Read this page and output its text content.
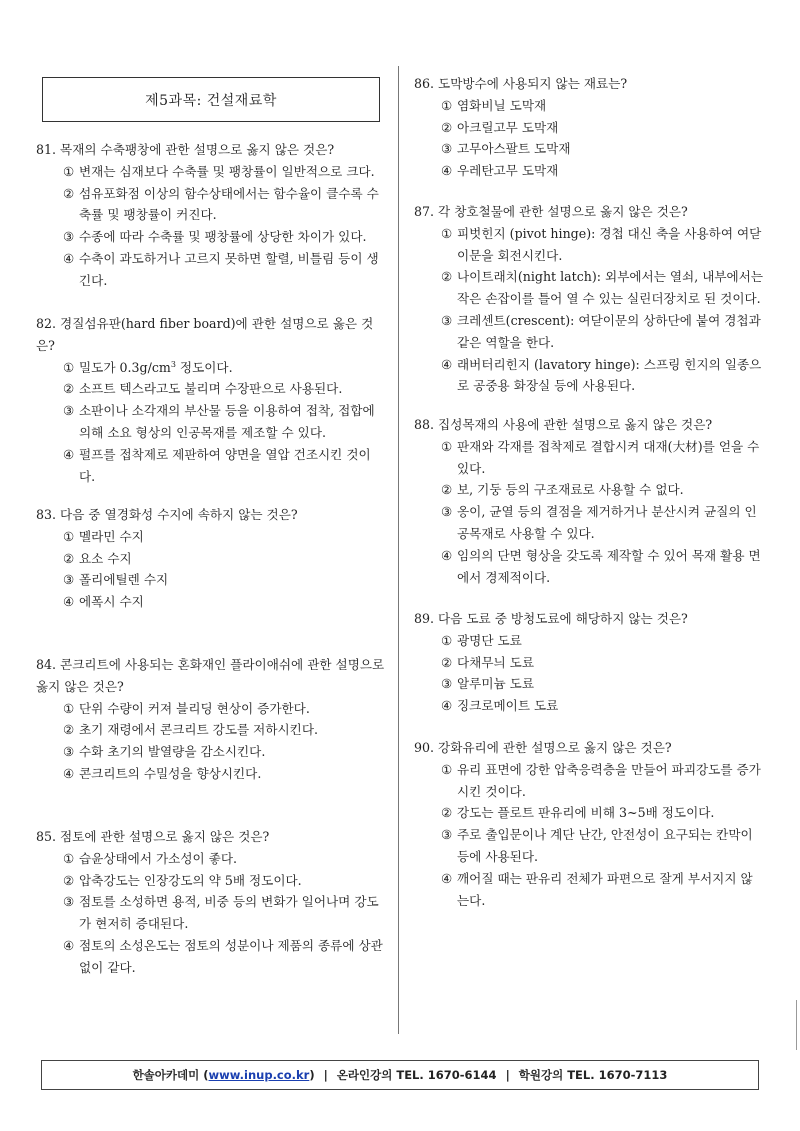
제5과목: 건설재료학
81. 목재의 수축팽창에 관한 설명으로 옳지 않은 것은?
① 변재는 심재보다 수축률 및 팽창률이 일반적으로 크다.
② 섬유포화점 이상의 함수상태에서는 함수율이 클수록 수축률 및 팽창률이 커진다.
③ 수종에 따라 수축률 및 팽창률에 상당한 차이가 있다.
④ 수축이 과도하거나 고르지 못하면 할렬, 비틀림 등이 생긴다.
82. 경질섬유판(hard fiber board)에 관한 설명으로 옳은 것은?
① 밀도가 $0.3g/cm^3$ 정도이다.
② 소프트 텍스라고도 불리며 수장판으로 사용된다.
③ 소판이나 소각재의 부산물 등을 이용하여 접착, 접합에 의해 소요 형상의 인공목재를 제조할 수 있다.
④ 펄프를 접착제로 제판하여 양면을 열압 건조시킨 것이다.
83. 다음 중 열경화성 수지에 속하지 않는 것은?
① 멜라민 수지
② 요소 수지
③ 폴리에틸렌 수지
④ 에폭시 수지
84. 콘크리트에 사용되는 혼화재인 플라이애쉬에 관한 설명으로 옳지 않은 것은?
① 단위 수량이 커져 블리딩 현상이 증가한다.
② 초기 재령에서 콘크리트 강도를 저하시킨다.
③ 수화 초기의 발열량을 감소시킨다.
④ 콘크리트의 수밀성을 향상시킨다.
85. 점토에 관한 설명으로 옳지 않은 것은?
① 습윤상태에서 가소성이 좋다.
② 압축강도는 인장강도의 약 5배 정도이다.
③ 점토를 소성하면 용적, 비중 등의 변화가 일어나며 강도가 현저히 증대된다.
④ 점토의 소성온도는 점토의 성분이나 제품의 종류에 상관없이 같다.
86. 도막방수에 사용되지 않는 재료는?
① 염화비닐 도막재
② 아크릴고무 도막재
③ 고무아스팔트 도막재
④ 우레탄고무 도막재
87. 각 창호철물에 관한 설명으로 옳지 않은 것은?
① 피벗힌지 (pivot hinge): 경첩 대신 축을 사용하여 여닫이문을 회전시킨다.
② 나이트래치(night latch): 외부에서는 열쇠, 내부에서는 작은 손잡이를 틀어 열 수 있는 실린더장치로 된 것이다.
③ 크레센트(crescent): 여닫이문의 상하단에 붙여 경첩과 같은 역할을 한다.
④ 래버터리힌지 (lavatory hinge): 스프링 힌지의 일종으로 공중용 화장실 등에 사용된다.
88. 집성목재의 사용에 관한 설명으로 옳지 않은 것은?
① 판재와 각재를 접착제로 결합시켜 대재(大材)를 얻을 수 있다.
② 보, 기둥 등의 구조재료로 사용할 수 없다.
③ 옹이, 균열 등의 결점을 제거하거나 분산시켜 균질의 인공목재로 사용할 수 있다.
④ 임의의 단면 형상을 갖도록 제작할 수 있어 목재 활용 면에서 경제적이다.
89. 다음 도료 중 방청도료에 해당하지 않는 것은?
① 광명단 도료
② 다채무늬 도료
③ 알루미늄 도료
④ 징크로메이트 도료
90. 강화유리에 관한 설명으로 옳지 않은 것은?
① 유리 표면에 강한 압축응력층을 만들어 파괴강도를 증가시킨 것이다.
② 강도는 플로트 판유리에 비해 3~5배 정도이다.
③ 주로 출입문이나 계단 난간, 안전성이 요구되는 칸막이 등에 사용된다.
④ 깨어질 때는 판유리 전체가 파편으로 잘게 부서지지 않는다.
한솔아카데미
( www.inup.co.kr ) | 온라인강의 TEL. 1670-6144 | 학원강의 TEL. 1670-7113
